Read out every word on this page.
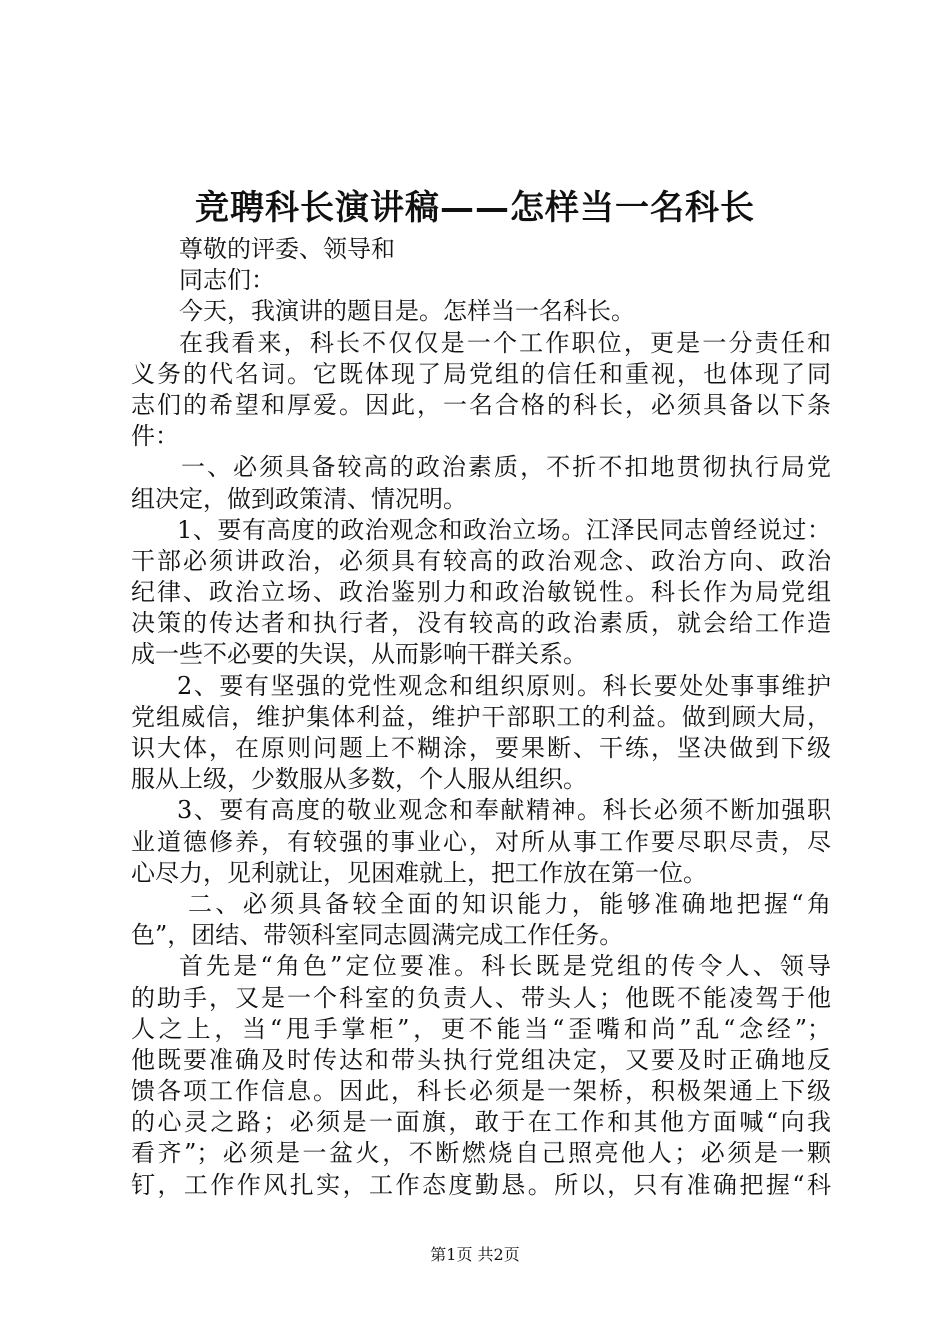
竞聘科长演讲稿——怎样当一名科长
尊敬的评委、领导和
同志们：
今天，我演讲的题目是。怎样当一名科长。
在我看来，科长不仅仅是一个工作职位，更是一分责任和
义务的代名词。它既体现了局党组的信任和重视，也体现了同
志们的希望和厚爱。因此，一名合格的科长，必须具备以下条
件：
一、必须具备较高的政治素质，不折不扣地贯彻执行局党
组决定，做到政策清、情况明。
1、要有高度的政治观念和政治立场。江泽民同志曾经说过：
干部必须讲政治，必须具有较高的政治观念、政治方向、政治
纪律、政治立场、政治鉴别力和政治敏锐性。科长作为局党组
决策的传达者和执行者，没有较高的政治素质，就会给工作造
成一些不必要的失误，从而影响干群关系。
2、要有坚强的党性观念和组织原则。科长要处处事事维护
党组威信，维护集体利益，维护干部职工的利益。做到顾大局，
识大体，在原则问题上不糊涂，要果断、干练，坚决做到下级
服从上级，少数服从多数，个人服从组织。
3、要有高度的敬业观念和奉献精神。科长必须不断加强职
业道德修养，有较强的事业心，对所从事工作要尽职尽责，尽
心尽力，见利就让，见困难就上，把工作放在第一位。
二、必须具备较全面的知识能力，能够准确地把握“角
色”，团结、带领科室同志圆满完成工作任务。
首先是“角色”定位要准。科长既是党组的传令人、领导
的助手，又是一个科室的负责人、带头人；他既不能凌驾于他
人之上，当“甩手掌柜”，更不能当“歪嘴和尚”乱“念经”；
他既要准确及时传达和带头执行党组决定，又要及时正确地反
馈各项工作信息。因此，科长必须是一架桥，积极架通上下级
的心灵之路；必须是一面旗，敢于在工作和其他方面喊“向我
看齐”；必须是一盆火，不断燃烧自己照亮他人；必须是一颗
钉，工作作风扎实，工作态度勤恳。所以，只有准确把握“科
第1页 共2页
